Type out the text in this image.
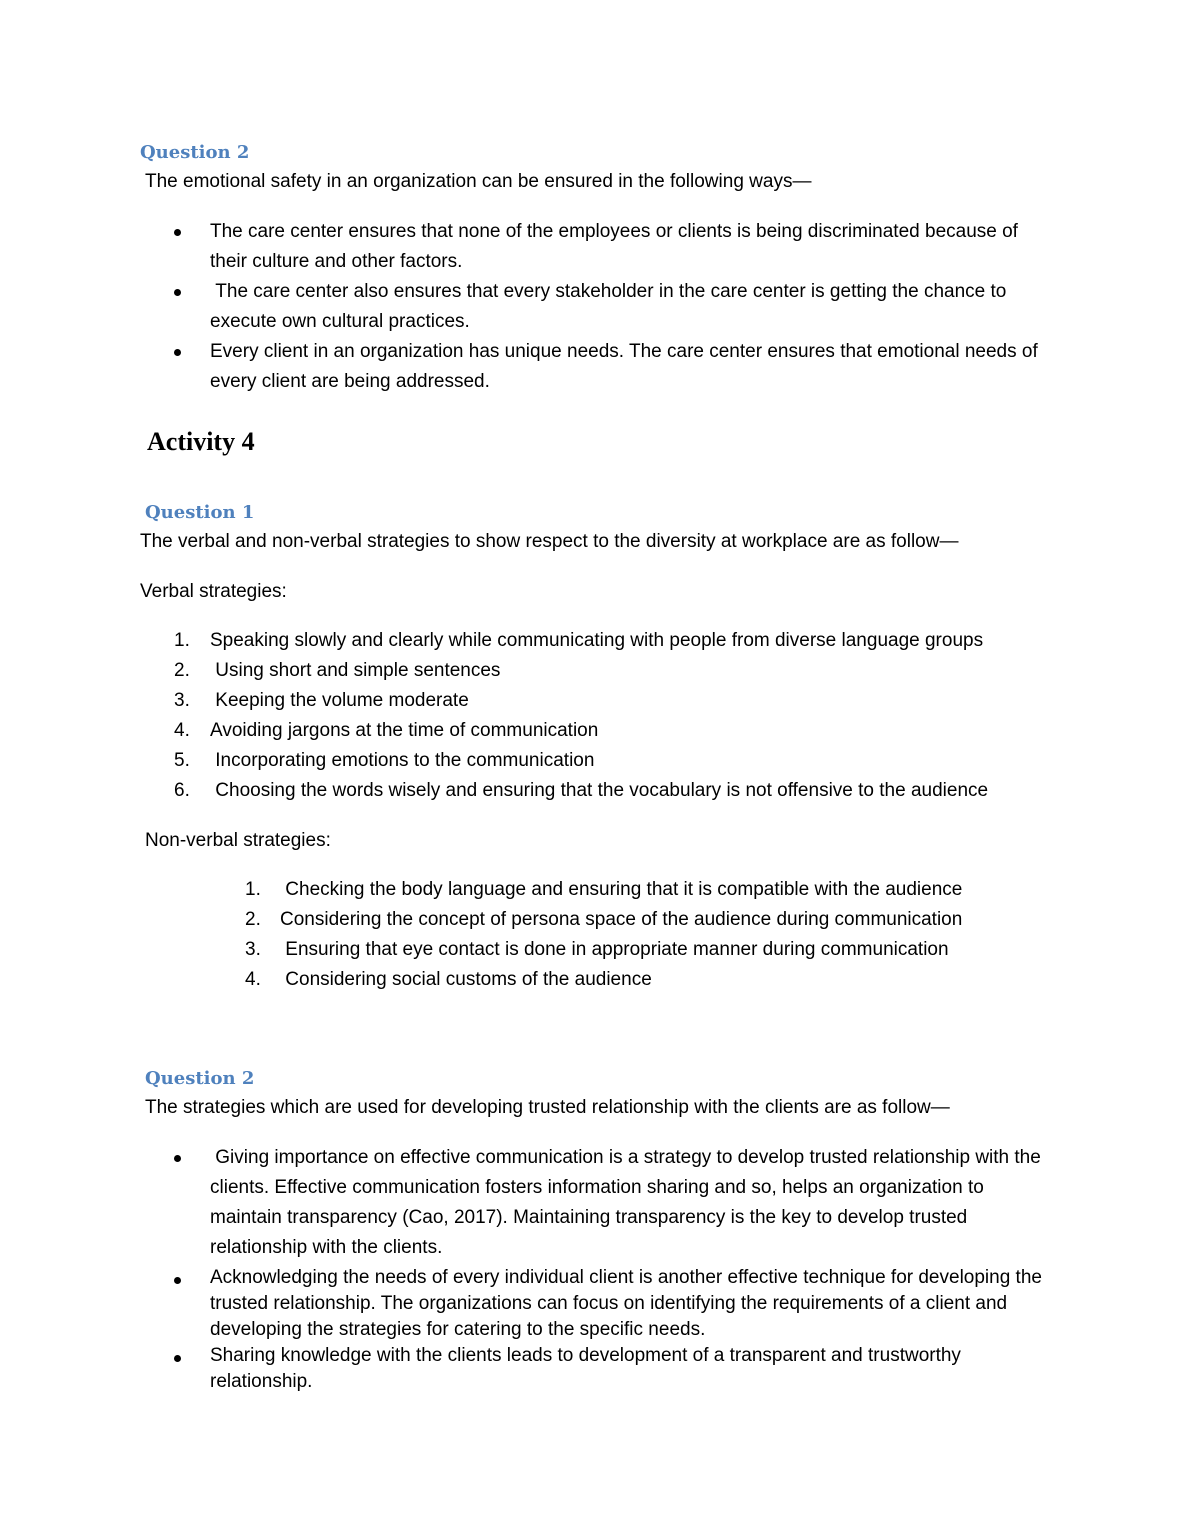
Question 2

The emotional safety in an organization can be ensured in the following ways—

The care center ensures that none of the employees or clients is being discriminated because of their culture and other factors.
The care center also ensures that every stakeholder in the care center is getting the chance to execute own cultural practices.
Every client in an organization has unique needs. The care center ensures that emotional needs of every client are being addressed.
Activity 4
Question 1

The verbal and non-verbal strategies to show respect to the diversity at workplace are as follow—

Verbal strategies:

1. Speaking slowly and clearly while communicating with people from diverse language groups
2. Using short and simple sentences
3. Keeping the volume moderate
4. Avoiding jargons at the time of communication
5. Incorporating emotions to the communication
6. Choosing the words wisely and ensuring that the vocabulary is not offensive to the audience

Non-verbal strategies:

1. Checking the body language and ensuring that it is compatible with the audience
2. Considering the concept of persona space of the audience during communication
3. Ensuring that eye contact is done in appropriate manner during communication
4. Considering social customs of the audience
Question 2

The strategies which are used for developing trusted relationship with the clients are as follow—

Giving importance on effective communication is a strategy to develop trusted relationship with the clients. Effective communication fosters information sharing and so, helps an organization to maintain transparency (Cao, 2017). Maintaining transparency is the key to develop trusted relationship with the clients.
Acknowledging the needs of every individual client is another effective technique for developing the trusted relationship. The organizations can focus on identifying the requirements of a client and developing the strategies for catering to the specific needs.
Sharing knowledge with the clients leads to development of a transparent and trustworthy relationship.
